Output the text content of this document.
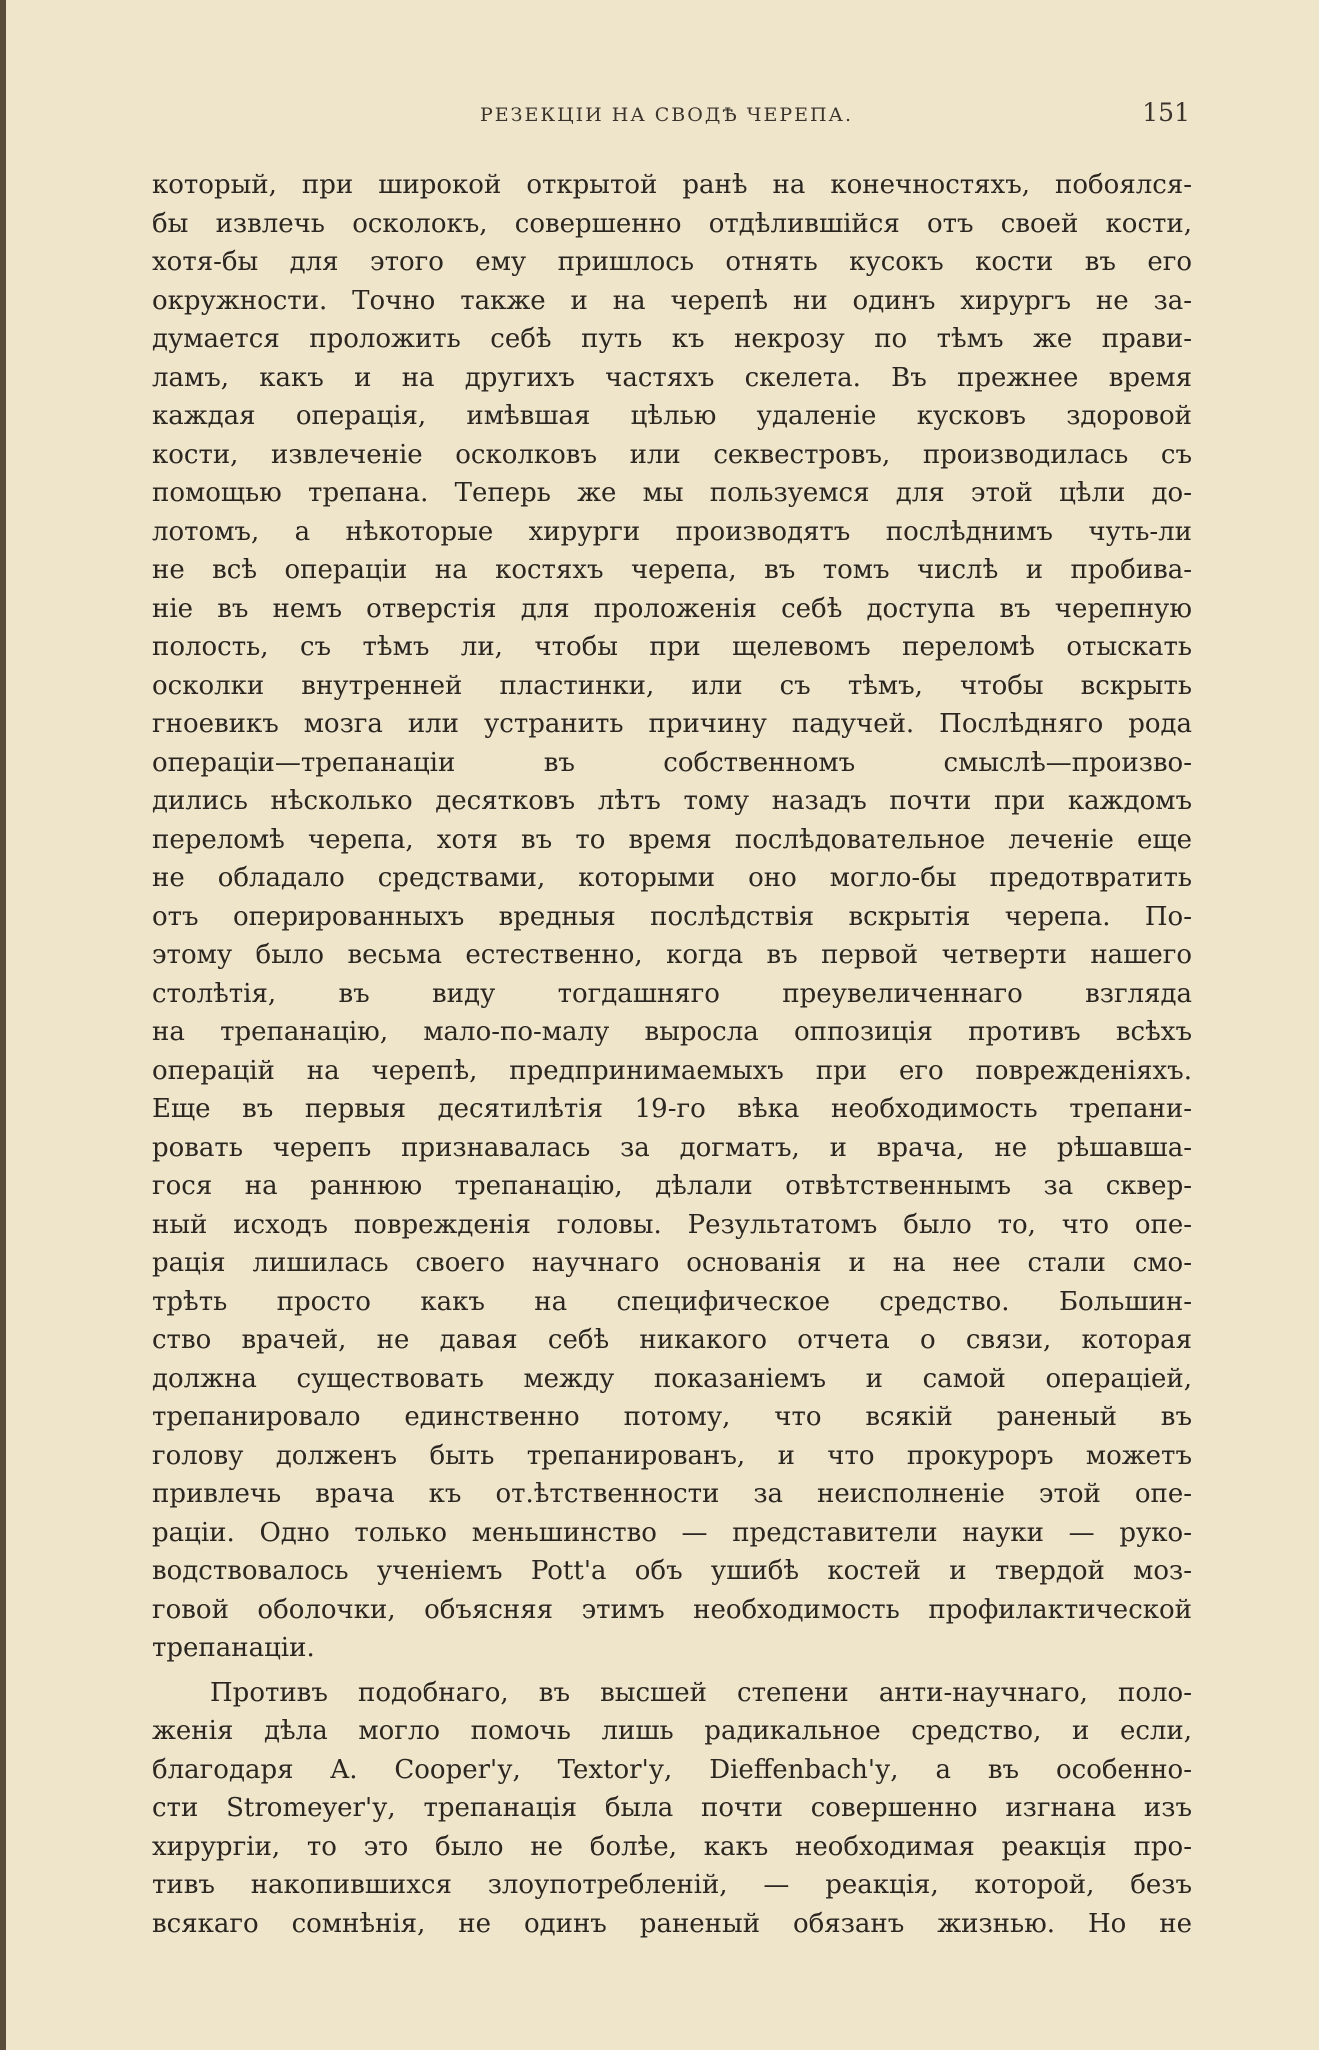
РЕЗЕКЦІИ НА СВОДѢ ЧЕРЕПА.	151
который, при широкой открытой ранѣ на конечностяхъ, побоялся-
бы извлечь осколокъ, совершенно отдѣлившійся отъ своей кости,
хотя-бы для этого ему пришлось отнять кусокъ кости въ его
окружности. Точно также и на черепѣ ни одинъ хирургъ не за-
думается проложить себѣ путь къ некрозу по тѣмъ же прави-
ламъ, какъ и на другихъ частяхъ скелета. Въ прежнее время
каждая операція, имѣвшая цѣлью удаленіе кусковъ здоровой
кости, извлеченіе осколковъ или секвестровъ, производилась съ
помощью трепана. Теперь же мы пользуемся для этой цѣли до-
лотомъ, а нѣкоторые хирурги производятъ послѣднимъ чуть-ли
не всѣ операціи на костяхъ черепа, въ томъ числѣ и пробива-
ніе въ немъ отверстія для проложенія себѣ доступа въ черепную
полость, съ тѣмъ ли, чтобы при щелевомъ переломѣ отыскать
осколки внутренней пластинки, или съ тѣмъ, чтобы вскрыть
гноевикъ мозга или устранить причину падучей. Послѣдняго рода
операціи—трепанаціи въ собственномъ смыслѣ—произво-
дились нѣсколько десятковъ лѣтъ тому назадъ почти при каждомъ
переломѣ черепа, хотя въ то время послѣдовательное леченіе еще
не обладало средствами, которыми оно могло-бы предотвратить
отъ оперированныхъ вредныя послѣдствія вскрытія черепа. По-
этому было весьма естественно, когда въ первой четверти нашего
столѣтія, въ виду тогдашняго преувеличеннаго взгляда
на трепанацію, мало-по-малу выросла оппозиція противъ всѣхъ
операцій на черепѣ, предпринимаемыхъ при его поврежденіяхъ.
Еще въ первыя десятилѣтія 19-го вѣка необходимость трепани-
ровать черепъ признавалась за догматъ, и врача, не рѣшавша-
гося на раннюю трепанацію, дѣлали отвѣтственнымъ за сквер-
ный исходъ поврежденія головы. Результатомъ было то, что опе-
рація лишилась своего научнаго основанія и на нее стали смо-
трѣть просто какъ на специфическое средство. Большин-
ство врачей, не давая себѣ никакого отчета о связи, которая
должна существовать между показаніемъ и самой операціей,
трепанировало единственно потому, что всякій раненый въ
голову долженъ быть трепанированъ, и что прокуроръ можетъ
привлечь врача къ от.ѣтственности за неисполненіе этой опе-
раціи. Одно только меньшинство — представители науки — руко-
водствовалось ученіемъ Pott'а объ ушибѣ костей и твердой моз-
говой оболочки, объясняя этимъ необходимость профилактической
трепанаціи.
Противъ подобнаго, въ высшей степени анти-научнаго, поло-
женія дѣла могло помочь лишь радикальное средство, и если,
благодаря A. Cooper'у, Textor'у, Dieffenbach'у, а въ особенно-
сти Stromeyer'у, трепанація была почти совершенно изгнана изъ
хирургіи, то это было не болѣе, какъ необходимая реакція про-
тивъ накопившихся злоупотребленій, — реакція, которой, безъ
всякаго сомнѣнія, не одинъ раненый обязанъ жизнью. Но не
